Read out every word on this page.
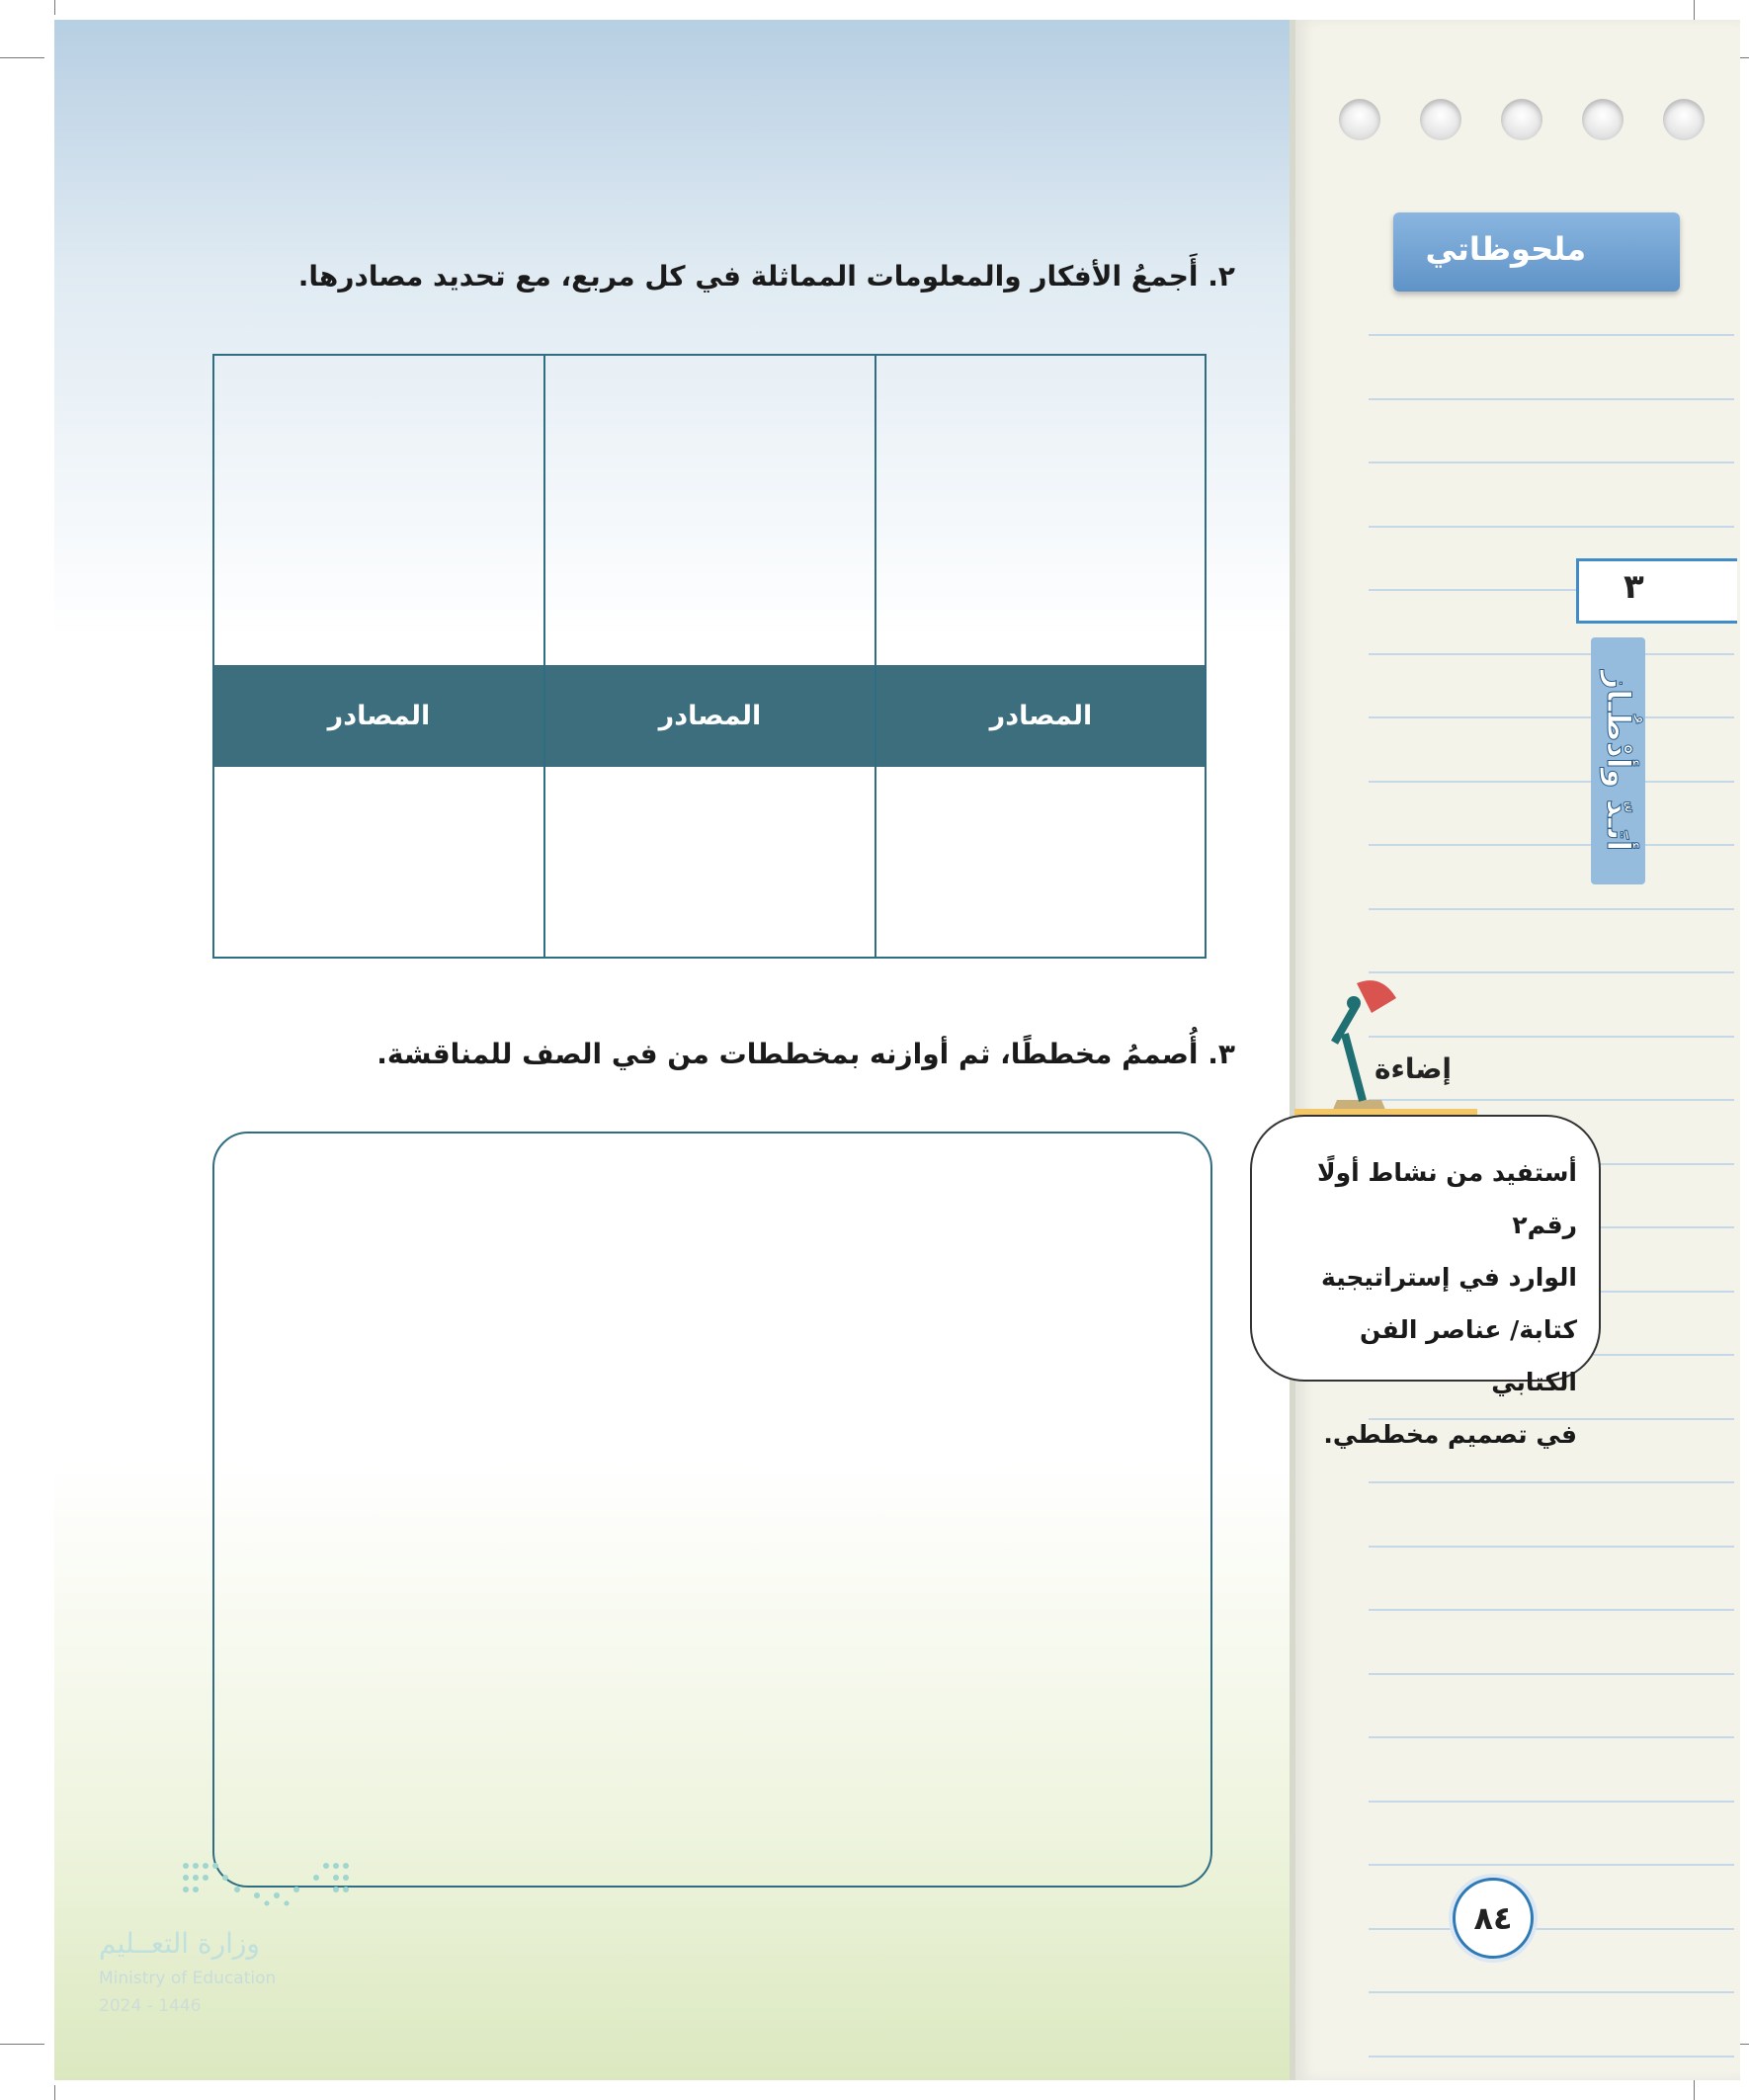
ملحوظاتي
٣
أتَـدّ وأدْطُـاز
إضاءة

أستفيد من نشاط أولًا رقم٢
الوارد في إستراتيجية
كتابة/ عناصر الفن الكتابي
في تصميم مخططي.

٢. أَجمعُ الأفكار والمعلومات المماثلة في كل مربع، مع تحديد مصادرها.
المصادر	المصادر	المصادر
٣. أُصممُ مخططًا، ثم أوازنه بمخططات من في الصف للمناقشة.
٨٤
وزارة التعــليم
Ministry of Education
2024 - 1446
